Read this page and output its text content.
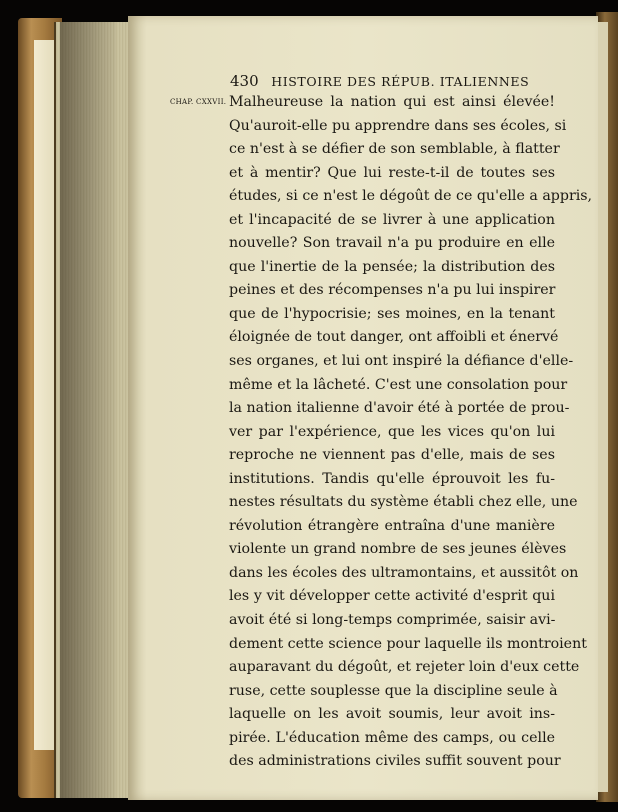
430 HISTOIRE DES RÉPUB. ITALIENNES
CHAP. CXXVII. Malheureuse la nation qui est ainsi élevée!
Qu'auroit-elle pu apprendre dans ses écoles, si
ce n'est à se défier de son semblable, à flatter
et à mentir? Que lui reste-t-il de toutes ses
études, si ce n'est le dégoût de ce qu'elle a appris,
et l'incapacité de se livrer à une application
nouvelle? Son travail n'a pu produire en elle
que l'inertie de la pensée; la distribution des
peines et des récompenses n'a pu lui inspirer
que de l'hypocrisie; ses moines, en la tenant
éloignée de tout danger, ont affoibli et énervé
ses organes, et lui ont inspiré la défiance d'elle-
même et la lâcheté. C'est une consolation pour
la nation italienne d'avoir été à portée de prou-
ver par l'expérience, que les vices qu'on lui
reproche ne viennent pas d'elle, mais de ses
institutions. Tandis qu'elle éprouvoit les fu-
nestes résultats du système établi chez elle, une
révolution étrangère entraîna d'une manière
violente un grand nombre de ses jeunes élèves
dans les écoles des ultramontains, et aussitôt on
les y vit développer cette activité d'esprit qui
avoit été si long-temps comprimée, saisir avi-
dement cette science pour laquelle ils montroient
auparavant du dégoût, et rejeter loin d'eux cette
ruse, cette souplesse que la discipline seule à
laquelle on les avoit soumis, leur avoit ins-
pirée. L'éducation même des camps, ou celle
des administrations civiles suffit souvent pour
